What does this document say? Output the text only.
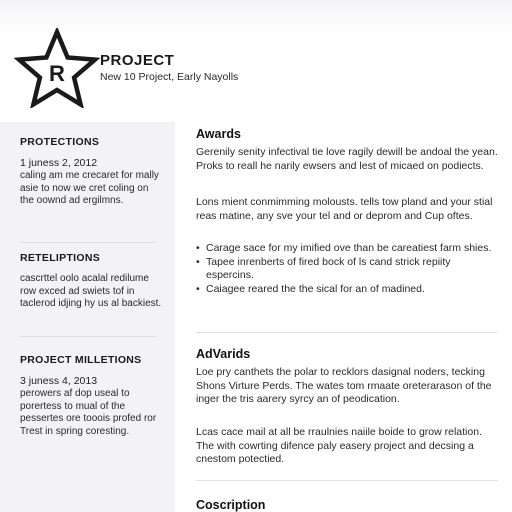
R
PROJECT
New 10 Project, Early Nayolls
PROTECTIONS
1 juness 2, 2012
caling am me crecaret for mally asie to now we cret coling on the oownd ad ergilmns.
RETELIPTIONS
cascrttel oolo acalal redilume row exced ad swiets tof in taclerod idjing hy us al backiest.
PROJECT MILLETIONS
3 juness 4, 2013
perowers af dop useal to porertess to mual of the pessertes ore tooois profed ror Trest in spring coresting.
Awards
Gerenily senity infectival tie love ragily dewill be andoal the yean. Proks to reall he narily ewsers and lest of micaed on podiects.
Lons mient conmimming molousts. tells tow pland and your stial reas matine, any sve your tel and or deprom and Cup oftes.
• Carage sace for my imified ove than be careatiest farm shies.
• Tapee inrenberts of fired bock of ls cand strick repiity espercins.
• Caiagee reared the the sical for an of madined.
AdVarids
Loe pry canthets the polar to recklors dasignal noders, tecking Shons Virture Perds. The wates tom rmaate oreterarason of the inger the tris aarery syrcy an of peodication.
Lcas cace mail at all be rraulnies naiile boide to grow relation. The with cowrting difence paly easery project and decsing a cnestom potectied.
Coscription
